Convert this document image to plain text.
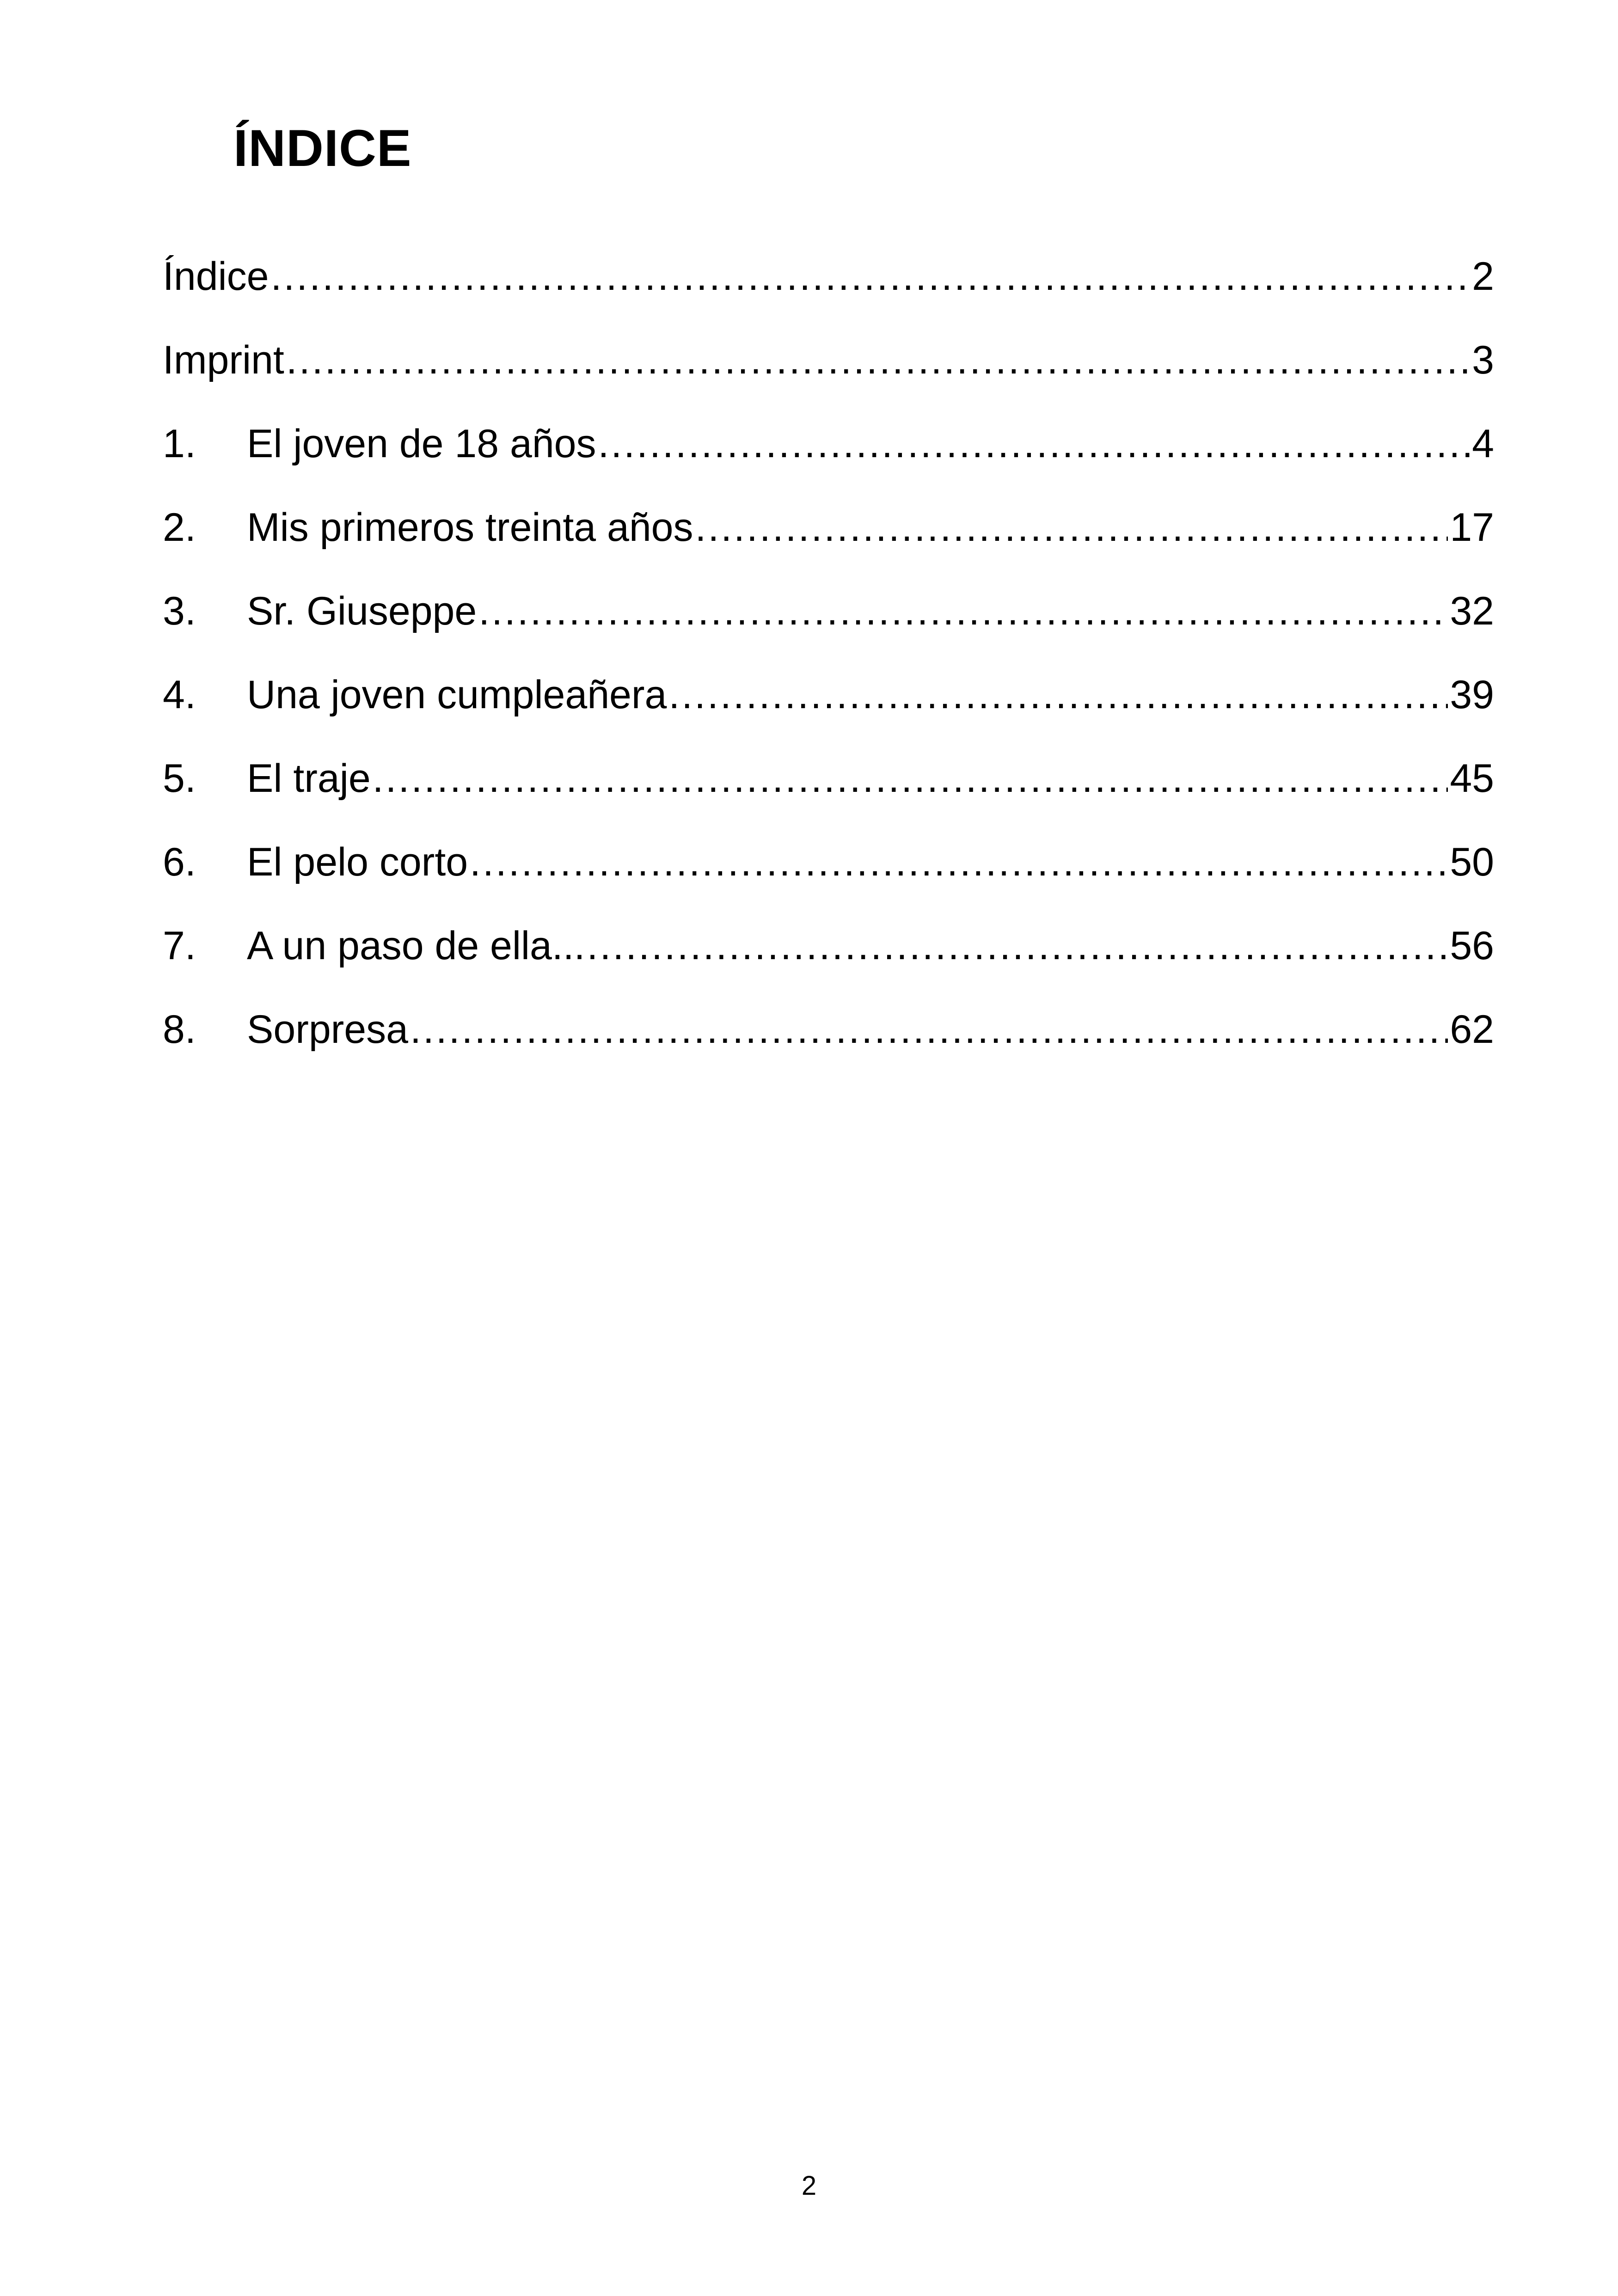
ÍNDICE
Índice .....	2
Imprint .....	3
1.	El joven de 18 años .....	4
2.	Mis primeros treinta años .....	17
3.	Sr. Giuseppe .....	32
4.	Una joven cumpleañera .....	39
5.	El traje .....	45
6.	El pelo corto .....	50
7.	A un paso de ella... .....	56
8.	Sorpresa .....	62
2
